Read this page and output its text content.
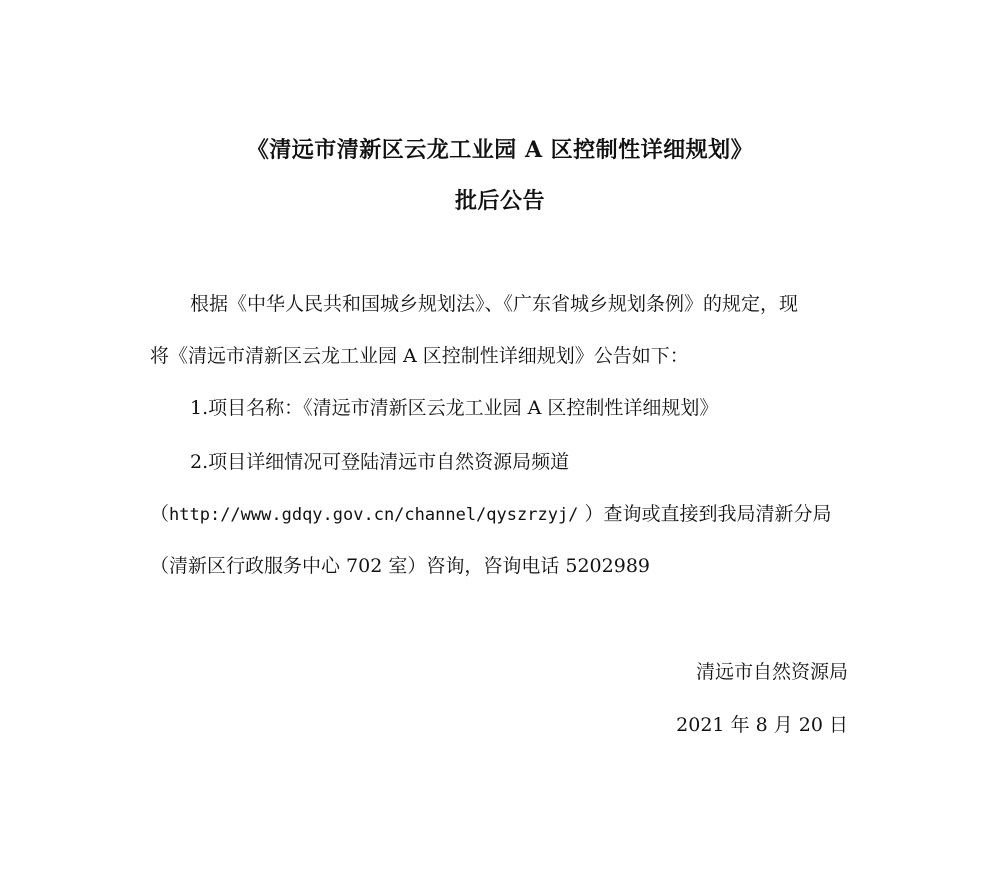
《清远市清新区云龙工业园 A 区控制性详细规划》
批后公告
根据《中华人民共和国城乡规划法》、《广东省城乡规划条例》的规定，现
将《清远市清新区云龙工业园 A 区控制性详细规划》公告如下：
1.项目名称：《清远市清新区云龙工业园 A 区控制性详细规划》
2.项目详细情况可登陆清远市自然资源局频道
（http://www.gdqy.gov.cn/channel/qyszrzyj/ ）查询或直接到我局清新分局
（清新区行政服务中心 702 室）咨询，咨询电话 5202989
清远市自然资源局
2021 年 8 月 20 日
